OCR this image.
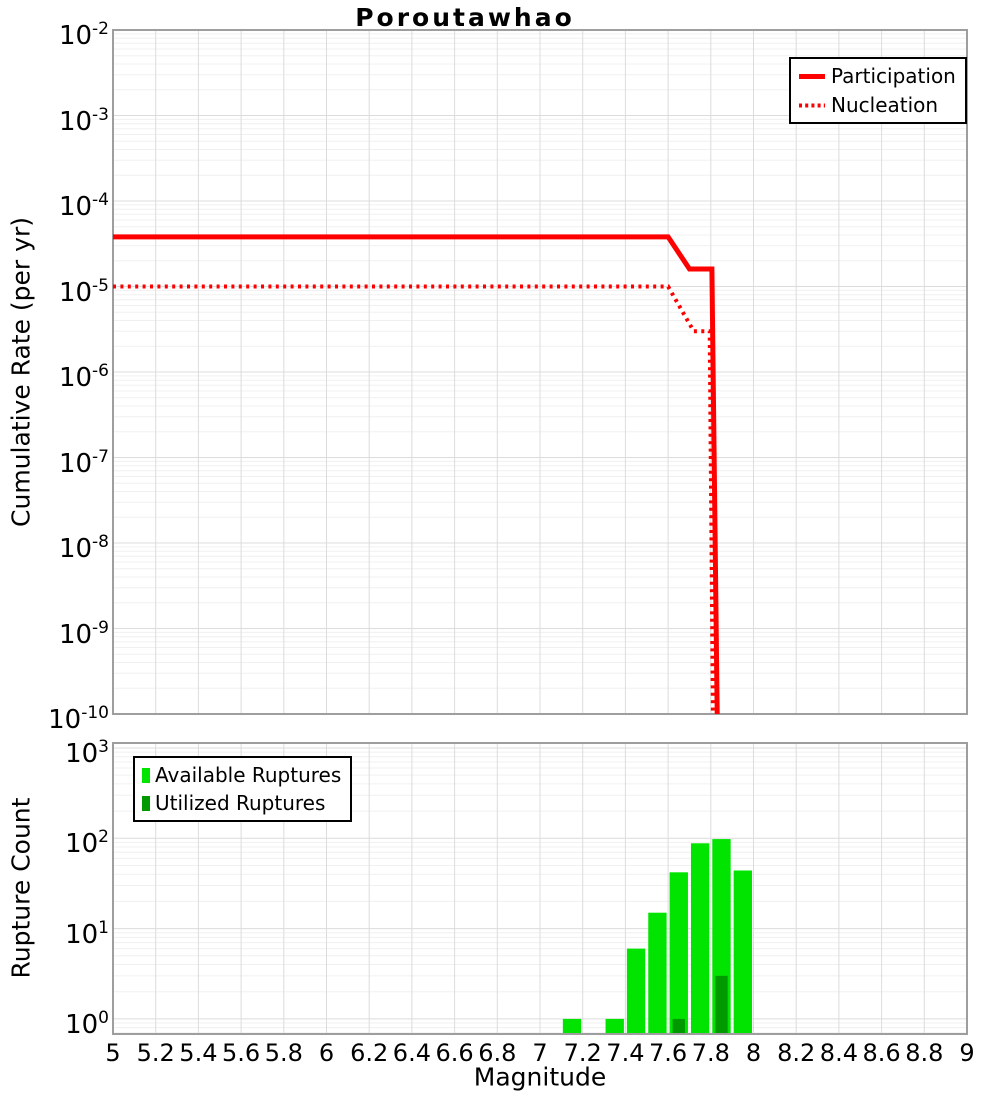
Poroutawhao
Cumulative Rate (per yr)
Rupture Count
Magnitude
$10^{-2}$
$10^{-3}$
$10^{-4}$
$10^{-5}$
$10^{-6}$
$10^{-7}$
$10^{-8}$
$10^{-9}$
$10^{-10}$
$10^3$
$10^2$
$10^1$
$10^0$
5 5.2 5.4 5.6 5.8 6 6.2 6.4 6.6 6.8 7 7.2 7.4 7.6 7.8 8 8.2 8.4 8.6 8.8 9
Participation
Nucleation
Available Ruptures
Utilized Ruptures
